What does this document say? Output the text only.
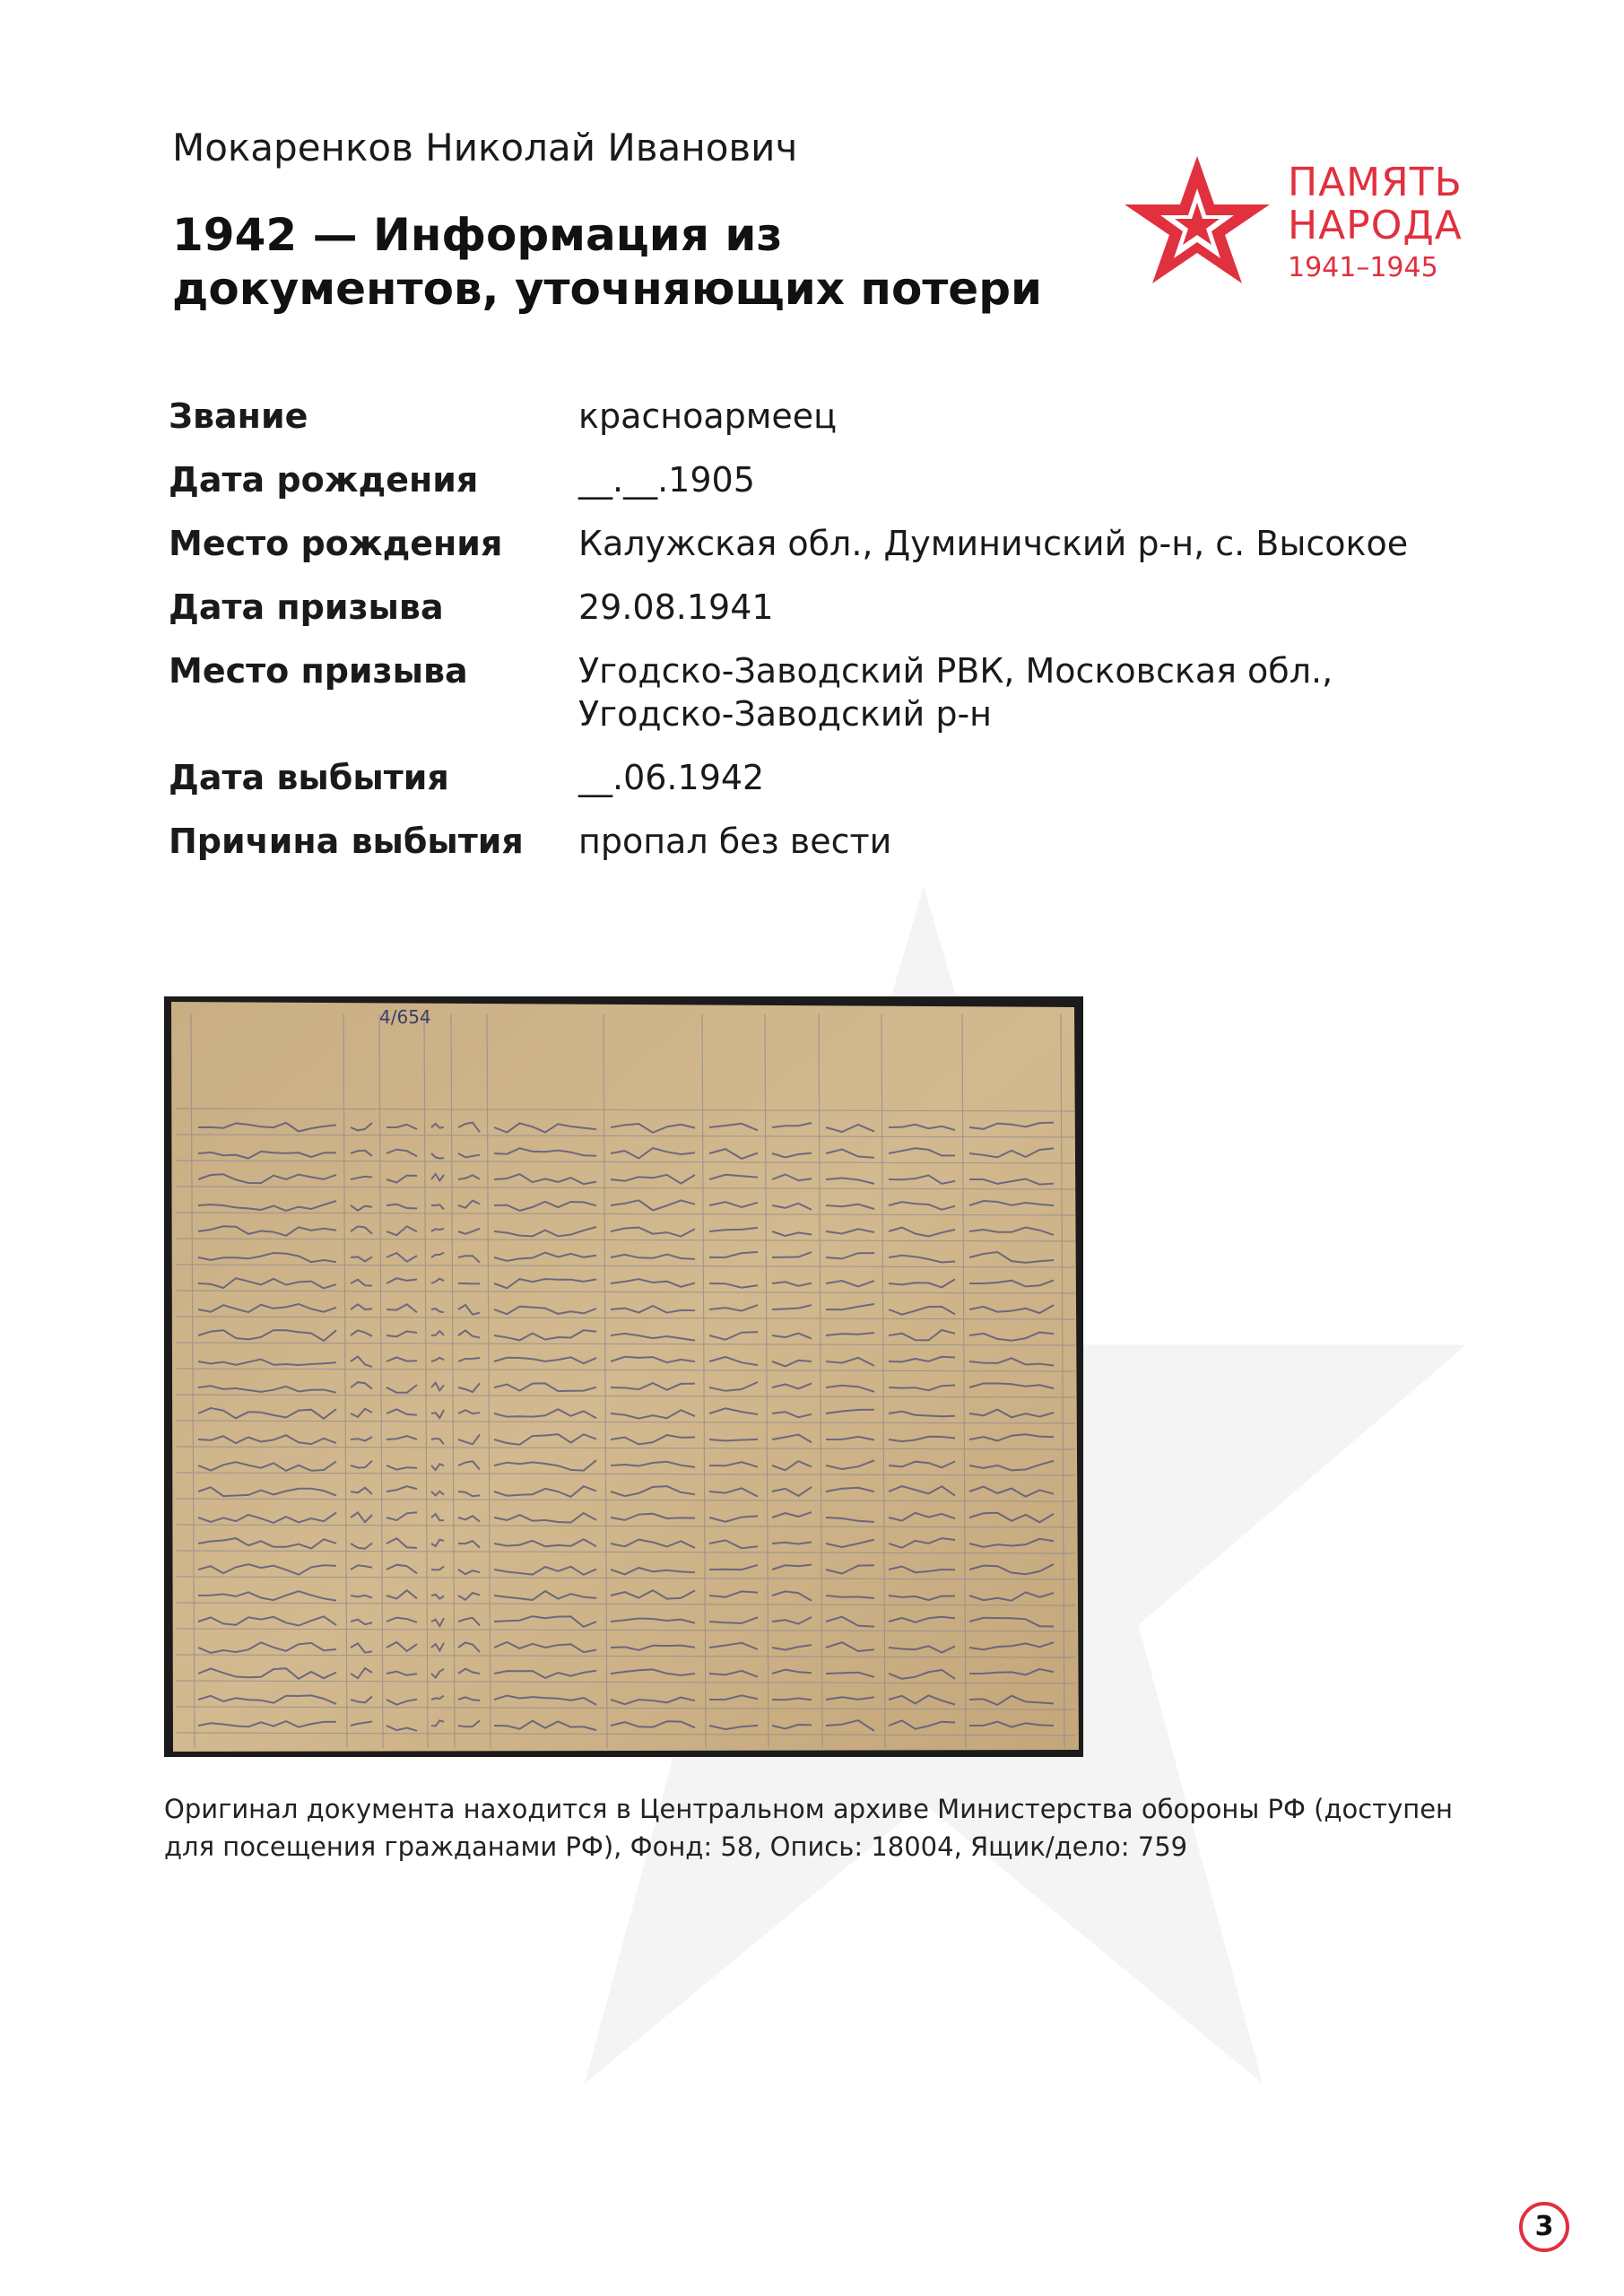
Мокаренков Николай Иванович
1942 — Информация из документов, уточняющих потери
ПАМЯТЬ
НАРОДА
1941–1945
Звание	красноармеец
Дата рождения	__.__.1905
Место рождения	Калужская обл., Думиничский р-н, с. Высокое
Дата призыва	29.08.1941
Место призыва	Угодско-Заводский РВК, Московская обл., Угодско-Заводский р-н
Дата выбытия	__.06.1942
Причина выбытия	пропал без вести
4/654
Оригинал документа находится в Центральном архиве Министерства обороны РФ (доступен для посещения гражданами РФ), Фонд: 58, Опись: 18004, Ящик/дело: 759
3
